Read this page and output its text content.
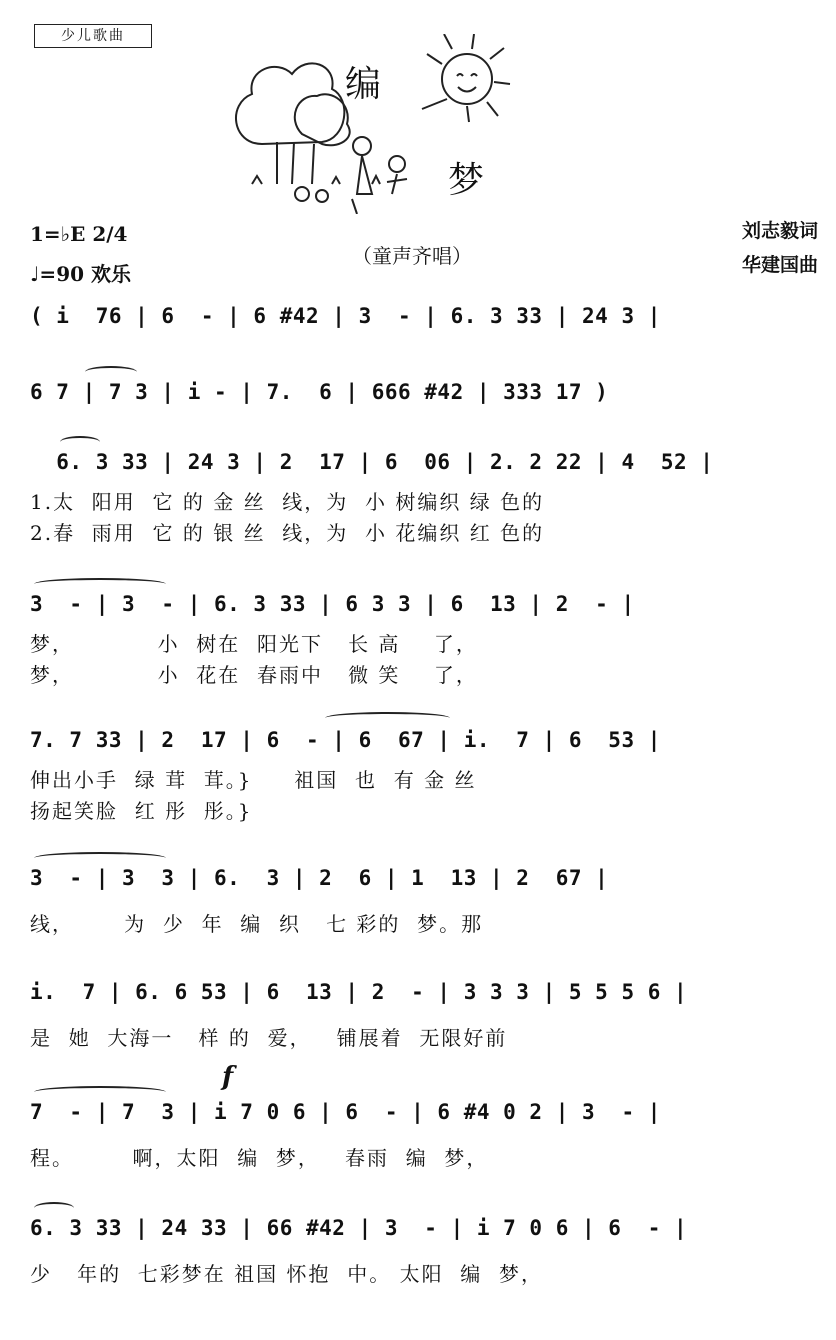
少儿歌曲
编
梦
1=♭E 2/4
♩=90 欢乐
（童声齐唱）
刘志毅词
华建国曲
( i  76 | 6  - | 6 #42 | 3  - | 6. 3 33 | 24 3 |
6 7 | 7 3 | i - | 7.  6 | 666 #42 | 333 17 )
6. 3 33 | 24 3 | 2  17 | 6  06 | 2. 2 22 | 4  52 |
1.太  阳用  它 的 金 丝  线，为  小 树编织 绿 色的
2.春  雨用  它 的 银 丝  线，为  小 花编织 红 色的
3  - | 3  - | 6. 3 33 | 6 3 3 | 6  13 | 2  - |
梦，          小  树在  阳光下   长 高    了，
梦，          小  花在  春雨中   微 笑    了，
7. 7 33 | 2  17 | 6  - | 6  67 | i.  7 | 6  53 |
伸出小手  绿 茸  茸。}     祖国  也  有 金 丝
扬起笑脸  红 彤  彤。}
3  - | 3  3 | 6.  3 | 2  6 | 1  13 | 2  67 |
线，      为  少  年  编  织   七 彩的  梦。那
i.  7 | 6. 6 53 | 6  13 | 2  - | 3 3 3 | 5 5 5 6 |
是  她  大海一   样 的  爱，   铺展着  无限好前
f
7  - | 7  3 | i 7 0 6 | 6  - | 6 #4 0 2 | 3  - |
程。       啊，太阳  编  梦，   春雨  编  梦，
6. 3 33 | 24 33 | 66 #42 | 3  - | i 7 0 6 | 6  - |
少   年的  七彩梦在 祖国 怀抱  中。 太阳  编  梦，
